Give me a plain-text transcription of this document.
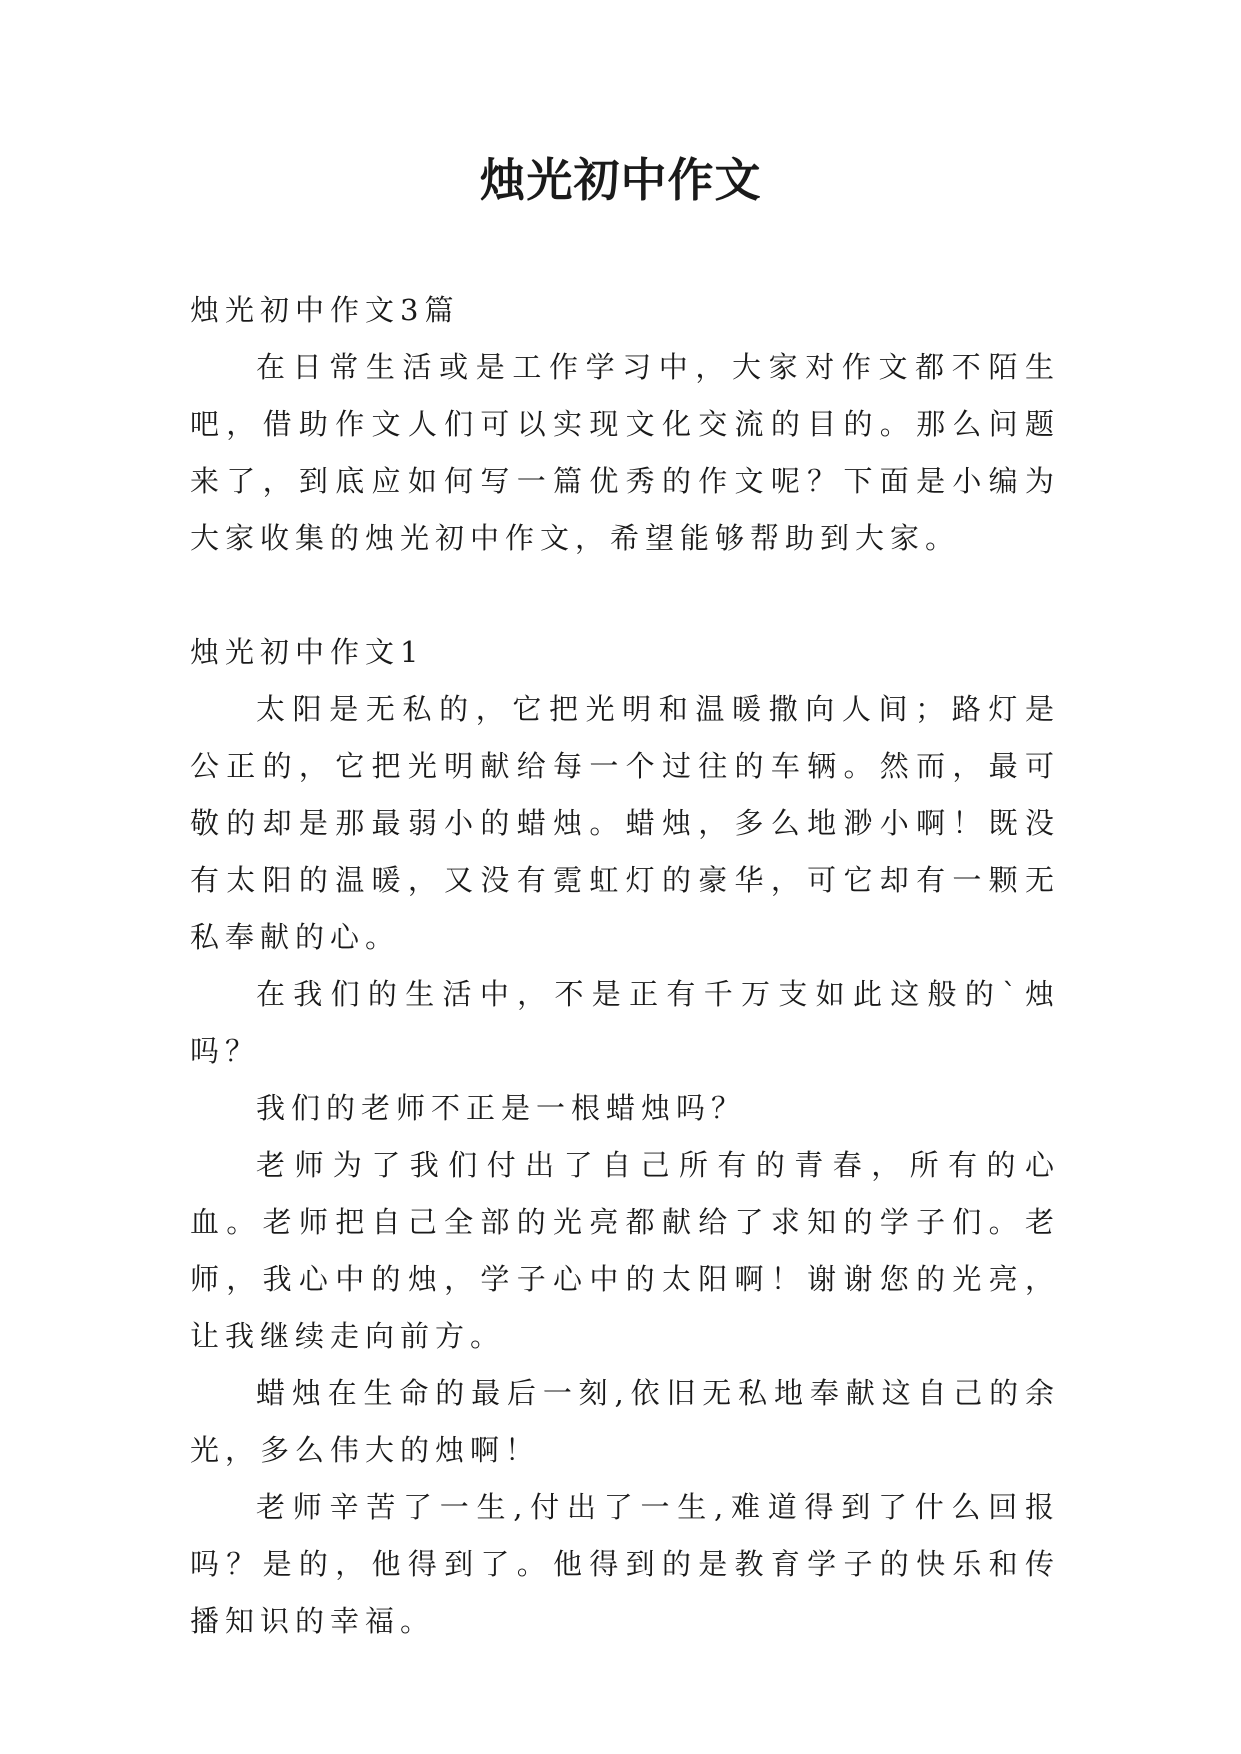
烛光初中作文

烛光初中作文3篇

在日常生活或是工作学习中，大家对作文都不陌生吧，借助作文人们可以实现文化交流的目的。那么问题来了，到底应如何写一篇优秀的作文呢？下面是小编为大家收集的烛光初中作文，希望能够帮助到大家。

烛光初中作文1

太阳是无私的，它把光明和温暖撒向人间；路灯是公正的，它把光明献给每一个过往的车辆。然而，最可敬的却是那最弱小的蜡烛。蜡烛，多么地渺小啊！既没有太阳的温暖，又没有霓虹灯的豪华，可它却有一颗无私奉献的心。

在我们的生活中，不是正有千万支如此这般的`烛吗？

我们的老师不正是一根蜡烛吗？

老师为了我们付出了自己所有的青春，所有的心血。老师把自己全部的光亮都献给了求知的学子们。老师，我心中的烛，学子心中的太阳啊！谢谢您的光亮，让我继续走向前方。

蜡烛在生命的最后一刻,依旧无私地奉献这自己的余光，多么伟大的烛啊！

老师辛苦了一生,付出了一生,难道得到了什么回报吗？是的，他得到了。他得到的是教育学子的快乐和传播知识的幸福。
